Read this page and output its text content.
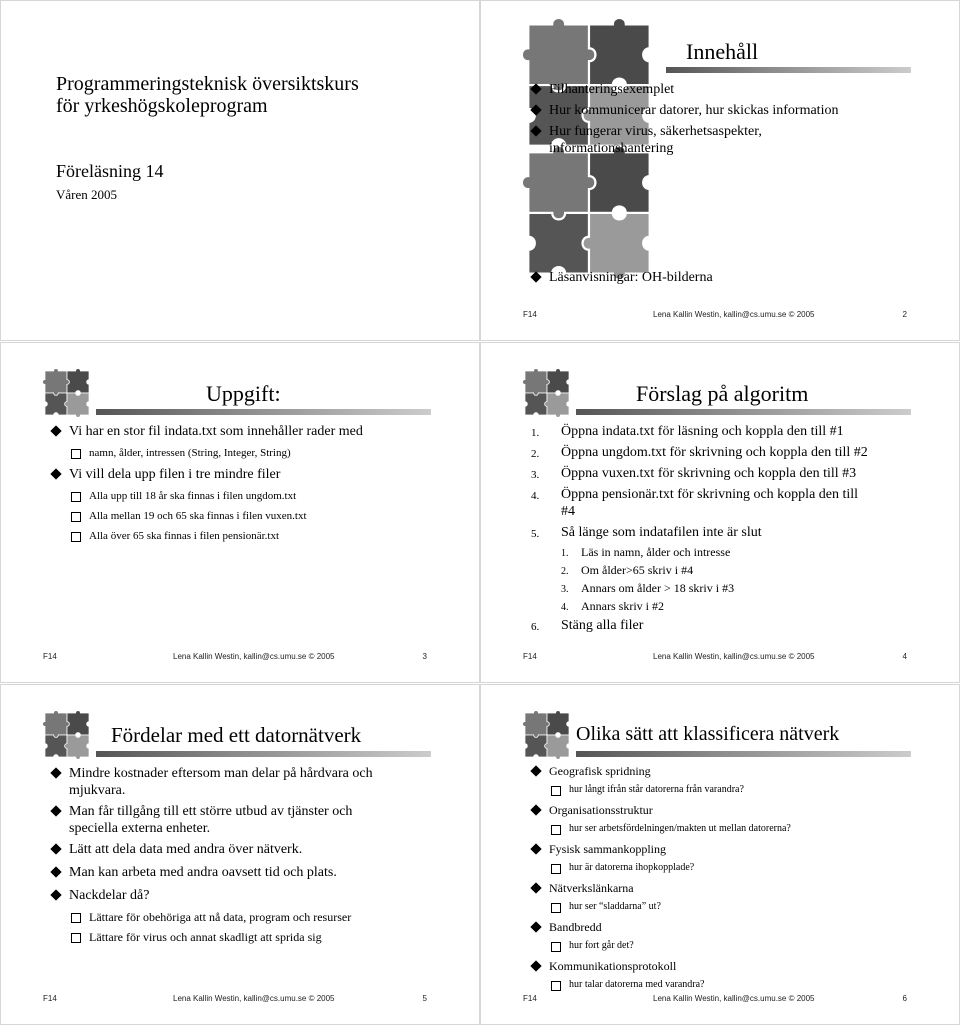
Programmeringsteknisk översiktskurs
för yrkeshögskoleprogram
Föreläsning 14
Våren 2005
Innehåll
Filhanteringsexemplet
Hur kommunicerar datorer, hur skickas information
Hur fungerar virus, säkerhetsaspekter,
informationshantering
Läsanvisningar: OH-bilderna
F14	Lena Kallin Westin, kallin@cs.umu.se © 2005	2
Uppgift:
Vi har en stor fil indata.txt som innehåller rader med
namn, ålder, intressen (String, Integer, String)
Vi vill dela upp filen i tre mindre filer
Alla upp till 18 år ska finnas i filen ungdom.txt
Alla mellan 19 och 65 ska finnas i filen vuxen.txt
Alla över 65 ska finnas i filen pensionär.txt
F14	Lena Kallin Westin, kallin@cs.umu.se © 2005	3
Förslag på algoritm
1. Öppna indata.txt för läsning och koppla den till #1
2. Öppna ungdom.txt för skrivning och koppla den till #2
3. Öppna vuxen.txt för skrivning och koppla den till #3
4. Öppna pensionär.txt för skrivning och koppla den till
#4
5. Så länge som indatafilen inte är slut
1. Läs in namn, ålder och intresse
2. Om ålder>65 skriv i #4
3. Annars om ålder > 18 skriv i #3
4. Annars skriv i #2
6. Stäng alla filer
F14	Lena Kallin Westin, kallin@cs.umu.se © 2005	4
Fördelar med ett datornätverk
Mindre kostnader eftersom man delar på hårdvara och
mjukvara.
Man får tillgång till ett större utbud av tjänster och
speciella externa enheter.
Lätt att dela data med andra över nätverk.
Man kan arbeta med andra oavsett tid och plats.
Nackdelar då?
Lättare för obehöriga att nå data, program och resurser
Lättare för virus och annat skadligt att sprida sig
F14	Lena Kallin Westin, kallin@cs.umu.se © 2005	5
Olika sätt att klassificera nätverk
Geografisk spridning
hur långt ifrån står datorerna från varandra?
Organisationsstruktur
hur ser arbetsfördelningen/makten ut mellan datorerna?
Fysisk sammankoppling
hur är datorerna ihopkopplade?
Nätverkslänkarna
hur ser “sladdarna” ut?
Bandbredd
hur fort går det?
Kommunikationsprotokoll
hur talar datorerna med varandra?
F14	Lena Kallin Westin, kallin@cs.umu.se © 2005	6
